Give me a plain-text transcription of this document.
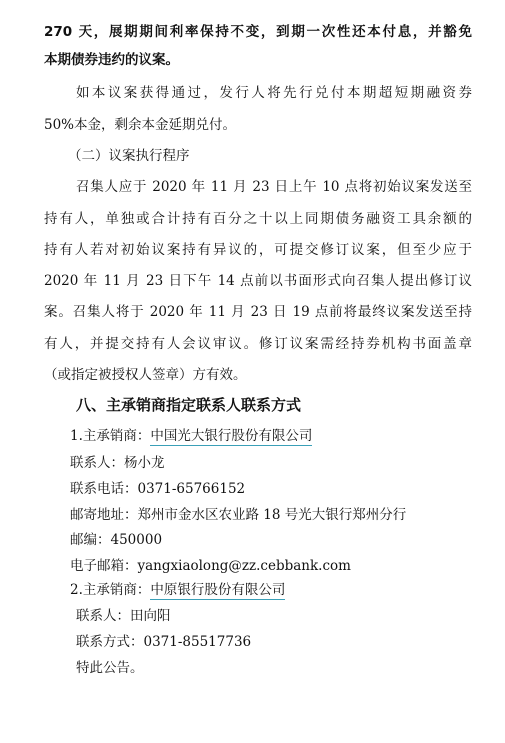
270 天，展期期间利率保持不变，到期一次性还本付息，并豁免
本期债券违约的议案。
如本议案获得通过，发行人将先行兑付本期超短期融资券
50%本金，剩余本金延期兑付。
（二）议案执行程序
召集人应于 2020 年 11 月 23 日上午 10 点将初始议案发送至
持有人，单独或合计持有百分之十以上同期债务融资工具余额的
持有人若对初始议案持有异议的，可提交修订议案，但至少应于
2020 年 11 月 23 日下午 14 点前以书面形式向召集人提出修订议
案。召集人将于 2020 年 11 月 23 日 19 点前将最终议案发送至持
有人，并提交持有人会议审议。修订议案需经持券机构书面盖章
（或指定被授权人签章）方有效。
八、主承销商指定联系人联系方式
1.主承销商：中国光大银行股份有限公司
联系人：杨小龙
联系电话：0371-65766152
邮寄地址：郑州市金水区农业路 18 号光大银行郑州分行
邮编：450000
电子邮箱：yangxiaolong@zz.cebbank.com
2.主承销商：中原银行股份有限公司
联系人：田向阳
联系方式：0371-85517736
特此公告。
